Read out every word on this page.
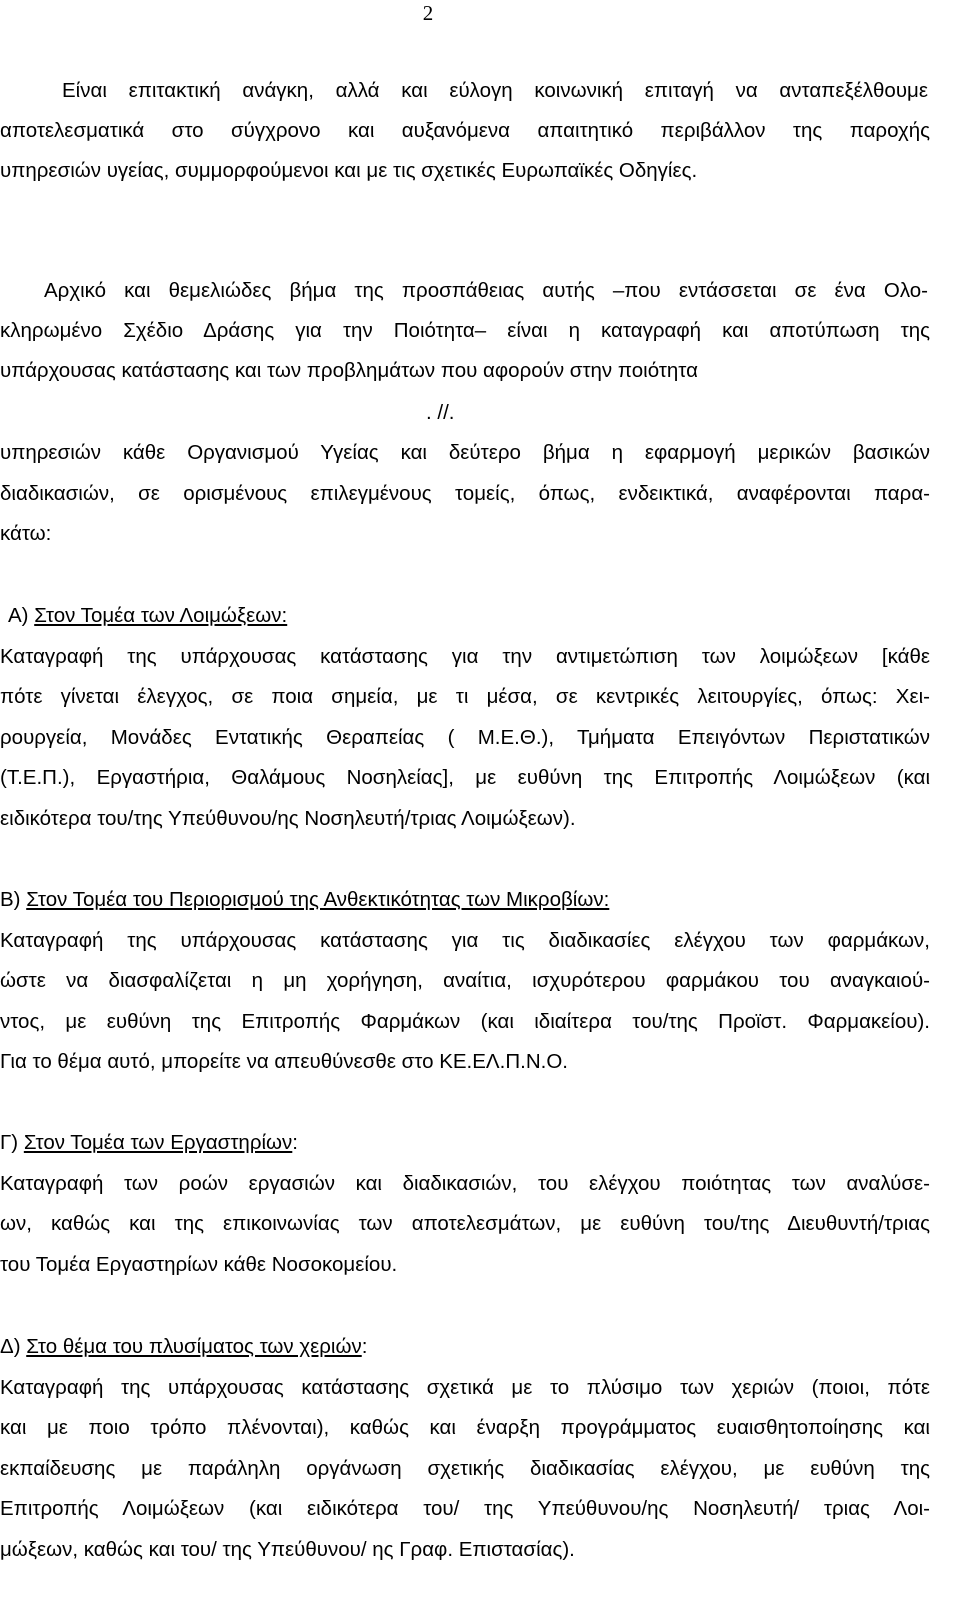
2
Είναι επιτακτική ανάγκη, αλλά και εύλογη κοινωνική επιταγή να ανταπεξέλθουμε
αποτελεσματικά στο σύγχρονο και αυξανόμενα απαιτητικό περιβάλλον της παροχής
υπηρεσιών υγείας, συμμορφούμενοι και με τις σχετικές Ευρωπαϊκές Οδηγίες.
Αρχικό και θεμελιώδες βήμα της προσπάθειας αυτής –που εντάσσεται σε ένα Ολο-
κληρωμένο Σχέδιο Δράσης για την Ποιότητα– είναι η καταγραφή και αποτύπωση της
υπάρχουσας κατάστασης και των προβλημάτων που αφορούν στην ποιότητα
. //.
υπηρεσιών κάθε Οργανισμού Υγείας και δεύτερο βήμα η εφαρμογή μερικών βασικών
διαδικασιών, σε ορισμένους επιλεγμένους τομείς, όπως, ενδεικτικά, αναφέρονται παρα-
κάτω:
Α) Στον Τομέα των Λοιμώξεων:
Καταγραφή της υπάρχουσας κατάστασης για την αντιμετώπιση των λοιμώξεων [κάθε
πότε γίνεται έλεγχος, σε ποια σημεία, με τι μέσα, σε κεντρικές λειτουργίες, όπως: Χει-
ρουργεία, Μονάδες Εντατικής Θεραπείας ( Μ.Ε.Θ.), Τμήματα Επειγόντων Περιστατικών
(Τ.Ε.Π.), Εργαστήρια, Θαλάμους Νοσηλείας], με ευθύνη της Επιτροπής Λοιμώξεων (και
ειδικότερα του/της Υπεύθυνου/ης Νοσηλευτή/τριας Λοιμώξεων).
Β) Στον Τομέα του Περιορισμού της Ανθεκτικότητας των Μικροβίων:
Καταγραφή της υπάρχουσας κατάστασης για τις διαδικασίες ελέγχου των φαρμάκων,
ώστε να διασφαλίζεται η μη χορήγηση, αναίτια, ισχυρότερου φαρμάκου του αναγκαιού-
ντος, με ευθύνη της Επιτροπής Φαρμάκων (και ιδιαίτερα του/της Προϊστ. Φαρμακείου).
Για το θέμα αυτό, μπορείτε να απευθύνεσθε στο ΚΕ.ΕΛ.Π.Ν.Ο.
Γ) Στον Τομέα των Εργαστηρίων:
Καταγραφή των ροών εργασιών και διαδικασιών, του ελέγχου ποιότητας των αναλύσε-
ων, καθώς και της επικοινωνίας των αποτελεσμάτων, με ευθύνη του/της Διευθυντή/τριας
του Τομέα Εργαστηρίων κάθε Νοσοκομείου.
Δ) Στο θέμα του πλυσίματος των χεριών:
Καταγραφή της υπάρχουσας κατάστασης σχετικά με το πλύσιμο των χεριών (ποιοι, πότε
και με ποιο τρόπο πλένονται), καθώς και έναρξη προγράμματος ευαισθητοποίησης και
εκπαίδευσης με παράληλη οργάνωση σχετικής διαδικασίας ελέγχου, με ευθύνη της
Επιτροπής Λοιμώξεων (και ειδικότερα του/ της Υπεύθυνου/ης Νοσηλευτή/ τριας Λοι-
μώξεων, καθώς και του/ της Υπεύθυνου/ ης Γραφ. Επιστασίας).
